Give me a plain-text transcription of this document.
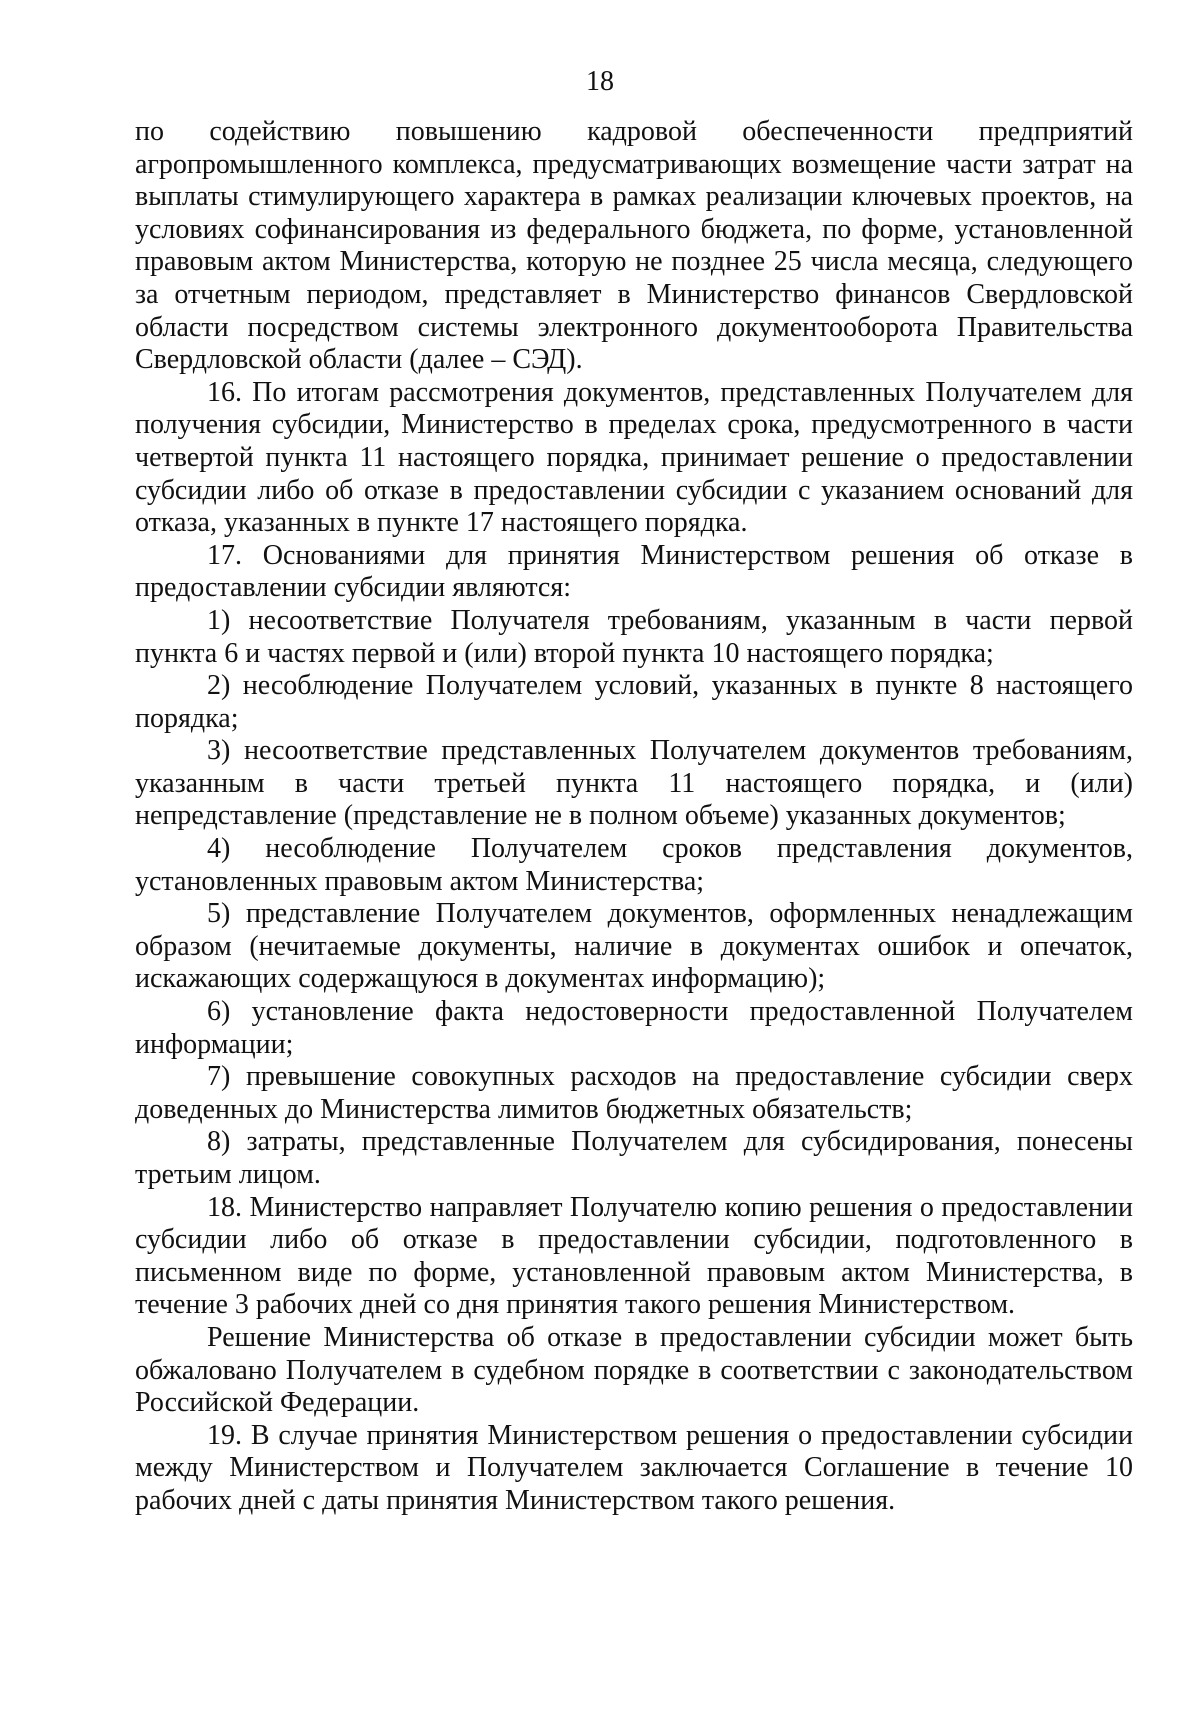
18

по содействию повышению кадровой обеспеченности предприятий агропромышленного комплекса, предусматривающих возмещение части затрат на выплаты стимулирующего характера в рамках реализации ключевых проектов, на условиях софинансирования из федерального бюджета, по форме, установленной правовым актом Министерства, которую не позднее 25 числа месяца, следующего за отчетным периодом, представляет в Министерство финансов Свердловской области посредством системы электронного документооборота Правительства Свердловской области (далее – СЭД).

16. По итогам рассмотрения документов, представленных Получателем для получения субсидии, Министерство в пределах срока, предусмотренного в части четвертой пункта 11 настоящего порядка, принимает решение о предоставлении субсидии либо об отказе в предоставлении субсидии с указанием оснований для отказа, указанных в пункте 17 настоящего порядка.

17. Основаниями для принятия Министерством решения об отказе в предоставлении субсидии являются:

1) несоответствие Получателя требованиям, указанным в части первой пункта 6 и частях первой и (или) второй пункта 10 настоящего порядка;

2) несоблюдение Получателем условий, указанных в пункте 8 настоящего порядка;

3) несоответствие представленных Получателем документов требованиям, указанным в части третьей пункта 11 настоящего порядка, и (или) непредставление (представление не в полном объеме) указанных документов;

4) несоблюдение Получателем сроков представления документов, установленных правовым актом Министерства;

5) представление Получателем документов, оформленных ненадлежащим образом (нечитаемые документы, наличие в документах ошибок и опечаток, искажающих содержащуюся в документах информацию);

6) установление факта недостоверности предоставленной Получателем информации;

7) превышение совокупных расходов на предоставление субсидии сверх доведенных до Министерства лимитов бюджетных обязательств;

8) затраты, представленные Получателем для субсидирования, понесены третьим лицом.

18. Министерство направляет Получателю копию решения о предоставлении субсидии либо об отказе в предоставлении субсидии, подготовленного в письменном виде по форме, установленной правовым актом Министерства, в течение 3 рабочих дней со дня принятия такого решения Министерством.

Решение Министерства об отказе в предоставлении субсидии может быть обжаловано Получателем в судебном порядке в соответствии с законодательством Российской Федерации.

19. В случае принятия Министерством решения о предоставлении субсидии между Министерством и Получателем заключается Соглашение в течение 10 рабочих дней с даты принятия Министерством такого решения.
